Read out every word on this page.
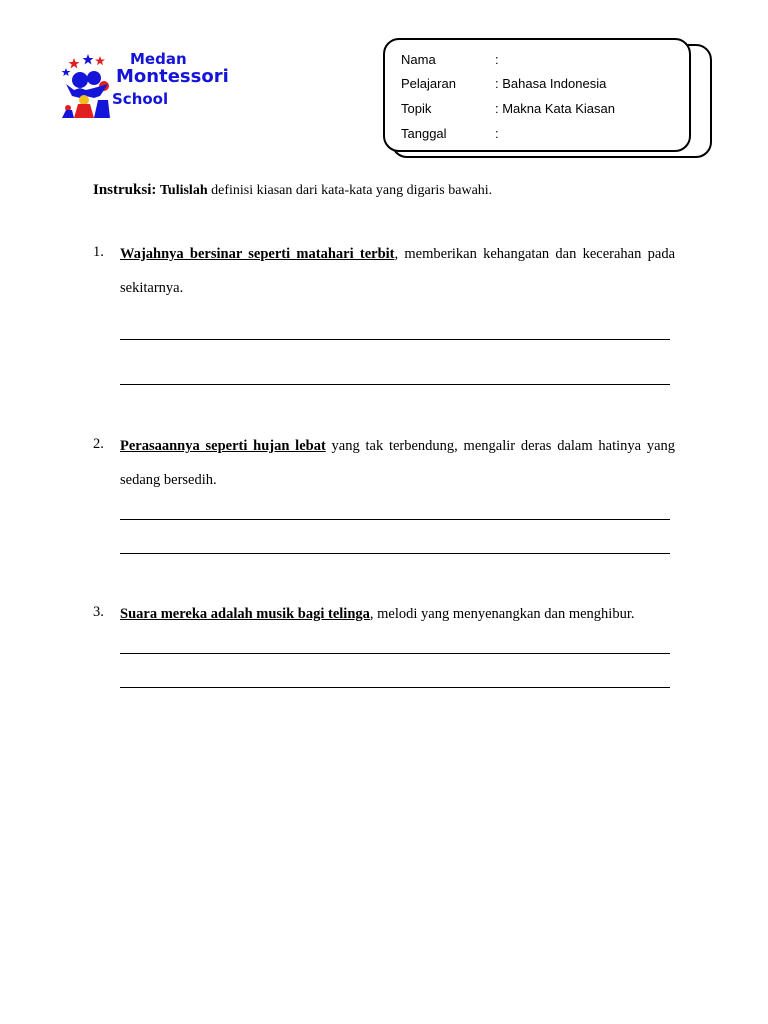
Medan
Montessori
School
Nama	:
Pelajaran	: Bahasa Indonesia
Topik	: Makna Kata Kiasan
Tanggal	:
Instruksi: Tulislah definisi kiasan dari kata-kata yang digaris bawahi.
1. Wajahnya bersinar seperti matahari terbit, memberikan kehangatan dan kecerahan pada sekitarnya.
2. Perasaannya seperti hujan lebat yang tak terbendung, mengalir deras dalam hatinya yang sedang bersedih.
3. Suara mereka adalah musik bagi telinga, melodi yang menyenangkan dan menghibur.
